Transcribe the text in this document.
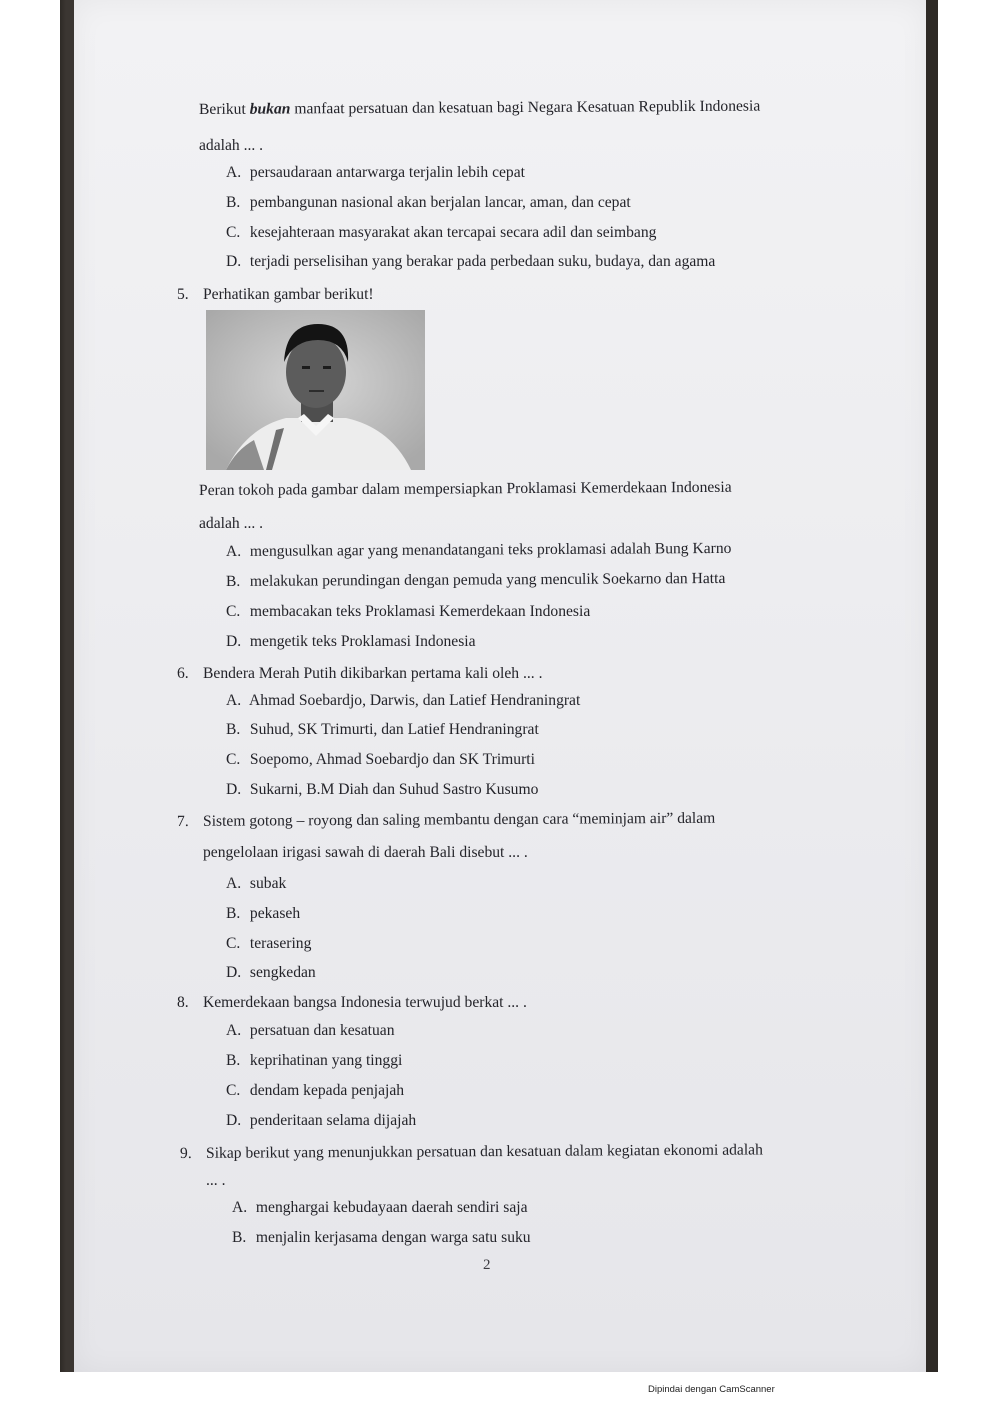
Berikut bukan manfaat persatuan dan kesatuan bagi Negara Kesatuan Republik Indonesia
adalah ... .
A. persaudaraan antarwarga terjalin lebih cepat
B. pembangunan nasional akan berjalan lancar, aman, dan cepat
C. kesejahteraan masyarakat akan tercapai secara adil dan seimbang
D. terjadi perselisihan yang berakar pada perbedaan suku, budaya, dan agama
5. Perhatikan gambar berikut!
Peran tokoh pada gambar dalam mempersiapkan Proklamasi Kemerdekaan Indonesia
adalah ... .
A. mengusulkan agar yang menandatangani teks proklamasi adalah Bung Karno
B. melakukan perundingan dengan pemuda yang menculik Soekarno dan Hatta
C. membacakan teks Proklamasi Kemerdekaan Indonesia
D. mengetik teks Proklamasi Indonesia
6. Bendera Merah Putih dikibarkan pertama kali oleh ... .
A. Ahmad Soebardjo, Darwis, dan Latief Hendraningrat
B. Suhud, SK Trimurti, dan Latief Hendraningrat
C. Soepomo, Ahmad Soebardjo dan SK Trimurti
D. Sukarni, B.M Diah dan Suhud Sastro Kusumo
7. Sistem gotong – royong dan saling membantu dengan cara “meminjam air” dalam
pengelolaan irigasi sawah di daerah Bali disebut ... .
A. subak
B. pekaseh
C. terasering
D. sengkedan
8. Kemerdekaan bangsa Indonesia terwujud berkat ... .
A. persatuan dan kesatuan
B. keprihatinan yang tinggi
C. dendam kepada penjajah
D. penderitaan selama dijajah
9. Sikap berikut yang menunjukkan persatuan dan kesatuan dalam kegiatan ekonomi adalah
... .
A. menghargai kebudayaan daerah sendiri saja
B. menjalin kerjasama dengan warga satu suku
2
Dipindai dengan CamScanner
